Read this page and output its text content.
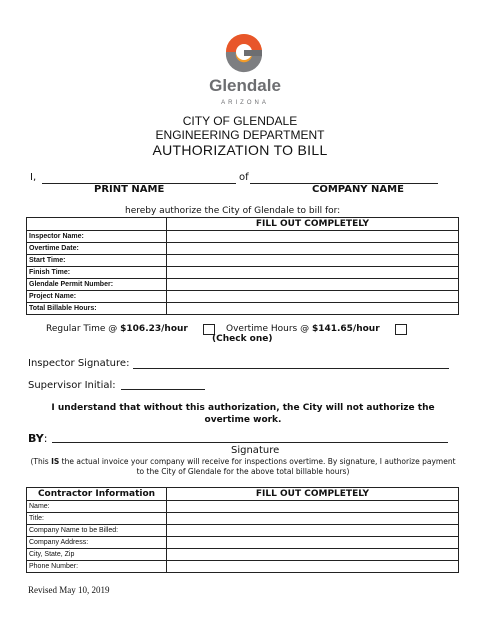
Glendale
ARIZONA
CITY OF GLENDALE
ENGINEERING DEPARTMENT
AUTHORIZATION TO BILL
I,	of
PRINT NAME	COMPANY NAME
hereby authorize the City of Glendale to bill for:
	FILL OUT COMPLETELY
Inspector Name:	
Overtime Date:	
Start Time:	
Finish Time:	
Glendale Permit Number:	
Project Name:	
Total Billable Hours:	
Regular Time @ $106.23/hour	Overtime Hours @ $141.65/hour
(Check one)
Inspector Signature:
Supervisor Initial:
I understand that without this authorization, the City will not authorize the overtime work.
BY:
Signature
(This IS the actual invoice your company will receive for inspections overtime. By signature, I authorize payment to the City of Glendale for the above total billable hours)
Contractor Information	FILL OUT COMPLETELY
Name:	
Title:	
Company Name to be Billed:	
Company Address:	
City, State, Zip	
Phone Number:	
Revised May 10, 2019
